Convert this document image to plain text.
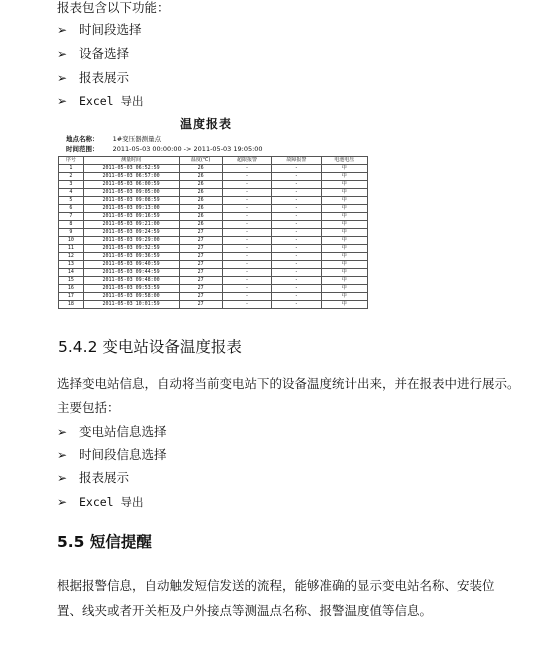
报表包含以下功能：
➢ 时间段选择
➢ 设备选择
➢ 报表展示
➢ Excel 导出
温度报表
地点名称： 1#变压器测量点
时间范围： 2011-05-03 00:00:00 -> 2011-05-03 19:05:00
序号	测量时间	温度(℃)	超限报警	故障报警	电池电压
1	2011-05-03 06:52:59	26	-	-	中
2	2011-05-03 06:57:00	26	-	-	中
3	2011-05-03 06:00:59	26	-	-	中
4	2011-05-03 09:05:00	26	-	-	中
5	2011-05-03 09:08:59	26	-	-	中
6	2011-05-03 09:13:00	26	-	-	中
7	2011-05-03 09:16:59	26	-	-	中
8	2011-05-03 09:21:00	26	-	-	中
9	2011-05-03 09:24:59	27	-	-	中
10	2011-05-03 09:29:00	27	-	-	中
11	2011-05-03 09:32:59	27	-	-	中
12	2011-05-03 09:36:59	27	-	-	中
13	2011-05-03 09:40:59	27	-	-	中
14	2011-05-03 09:44:59	27	-	-	中
15	2011-05-03 09:48:00	27	-	-	中
16	2011-05-03 09:53:59	27	-	-	中
17	2011-05-03 09:58:00	27	-	-	中
18	2011-05-03 10:01:59	27	-	-	中
5.4.2 变电站设备温度报表
选择变电站信息，自动将当前变电站下的设备温度统计出来，并在报表中进行展示。
主要包括：
➢ 变电站信息选择
➢ 时间段信息选择
➢ 报表展示
➢ Excel 导出
5.5 短信提醒
根据报警信息，自动触发短信发送的流程，能够准确的显示变电站名称、安装位置、线夹或者开关柜及户外接点等测温点名称、报警温度值等信息。
